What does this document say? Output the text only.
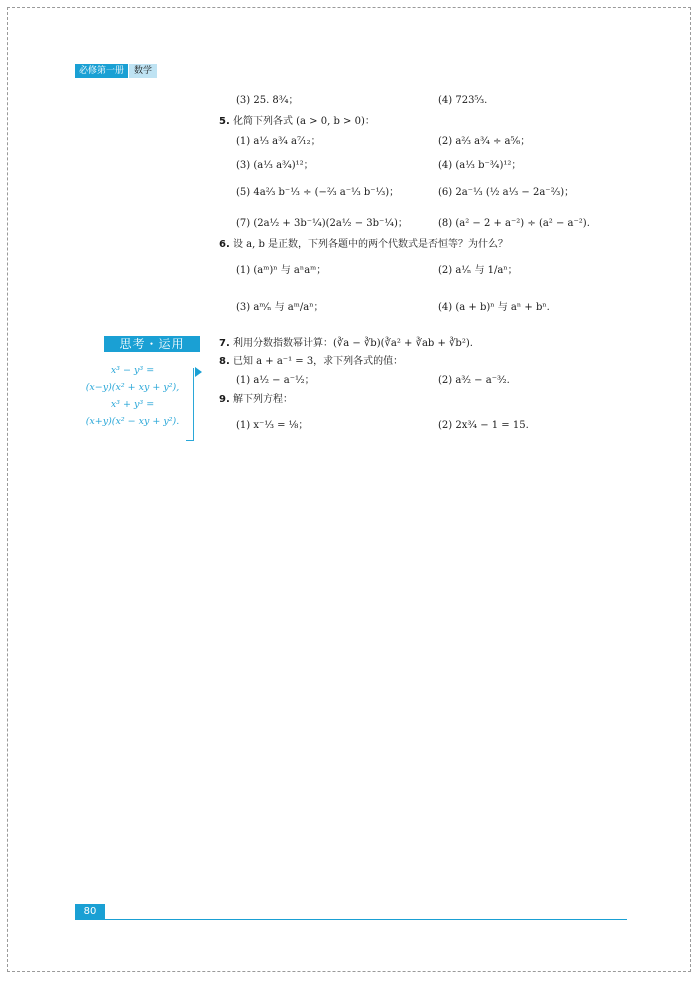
必修第一册	数学
(3) 25. 8³⁄₄；	(4) 723⁵⁄₃.
5. 化简下列各式 (a > 0, b > 0)：
(1) a¹⁄₃ a³⁄₄ a⁷⁄₁₂；	(2) a²⁄₃ a³⁄₄ ÷ a⁵⁄₆；
(3) (a¹⁄₃ a³⁄₄)¹²；	(4) (a¹⁄₃ b⁻³⁄₄)¹²；
(5) 4a²⁄₃ b⁻¹⁄₃ ÷ (−²⁄₃ a⁻¹⁄₃ b⁻¹⁄₃)；	(6) 2a⁻¹⁄₃ (½ a¹⁄₃ − 2a⁻²⁄₃)；
(7) (2a¹⁄₂ + 3b⁻¹⁄₄)(2a¹⁄₂ − 3b⁻¹⁄₄)；	(8) (a² − 2 + a⁻²) ÷ (a² − a⁻²).
6. 设 a, b 是正数，下列各题中的两个代数式是否恒等？为什么？
(1) (aᵐ)ⁿ 与 aⁿaᵐ；	(2) a¹⁄ₙ 与 1/aⁿ；
(3) aᵐ⁄ₙ 与 aᵐ/aⁿ；	(4) (a + b)ⁿ 与 aⁿ + bⁿ.
思考・运用
x³ − y³ =
(x−y)(x² + xy + y²),
x³ + y³ =
(x+y)(x² − xy + y²).
7. 利用分数指数幂计算：(∛a − ∛b)(∛a² + ∛ab + ∛b²).
8. 已知 a + a⁻¹ = 3，求下列各式的值：
(1) a¹⁄₂ − a⁻¹⁄₂；	(2) a³⁄₂ − a⁻³⁄₂.
9. 解下列方程：
(1) x⁻¹⁄₃ = ⅛；	(2) 2x³⁄₄ − 1 = 15.
80
